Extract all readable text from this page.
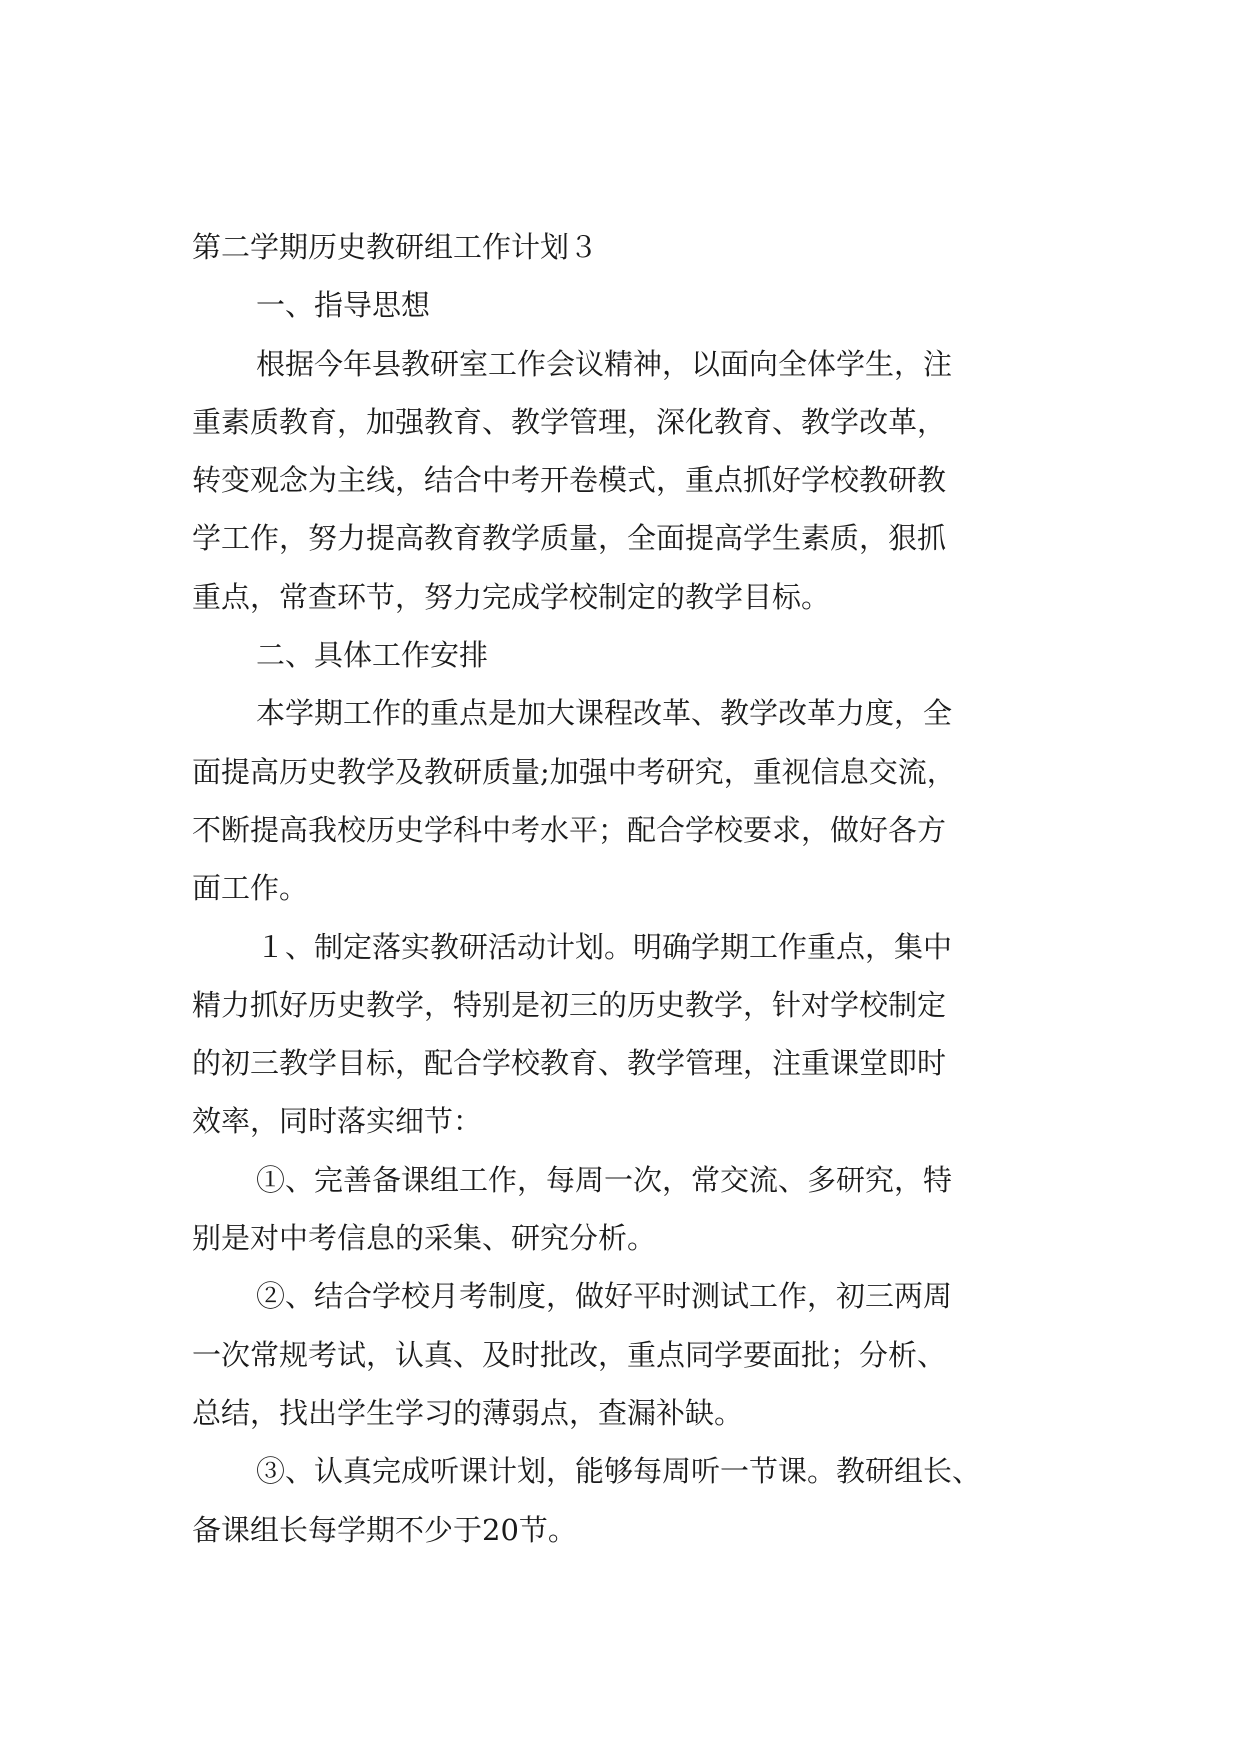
第二学期历史教研组工作计划３
一、指导思想
根据今年县教研室工作会议精神，以面向全体学生，注
重素质教育，加强教育、教学管理，深化教育、教学改革，
转变观念为主线，结合中考开卷模式，重点抓好学校教研教
学工作，努力提高教育教学质量，全面提高学生素质，狠抓
重点，常查环节，努力完成学校制定的教学目标。
二、具体工作安排
本学期工作的重点是加大课程改革、教学改革力度，全
面提高历史教学及教研质量;加强中考研究，重视信息交流，
不断提高我校历史学科中考水平；配合学校要求，做好各方
面工作。
１、制定落实教研活动计划。明确学期工作重点，集中
精力抓好历史教学，特别是初三的历史教学，针对学校制定
的初三教学目标，配合学校教育、教学管理，注重课堂即时
效率，同时落实细节：
①、完善备课组工作，每周一次，常交流、多研究，特
别是对中考信息的采集、研究分析。
②、结合学校月考制度，做好平时测试工作，初三两周
一次常规考试，认真、及时批改，重点同学要面批；分析、
总结，找出学生学习的薄弱点，查漏补缺。
③、认真完成听课计划，能够每周听一节课。教研组长、
备课组长每学期不少于20节。
